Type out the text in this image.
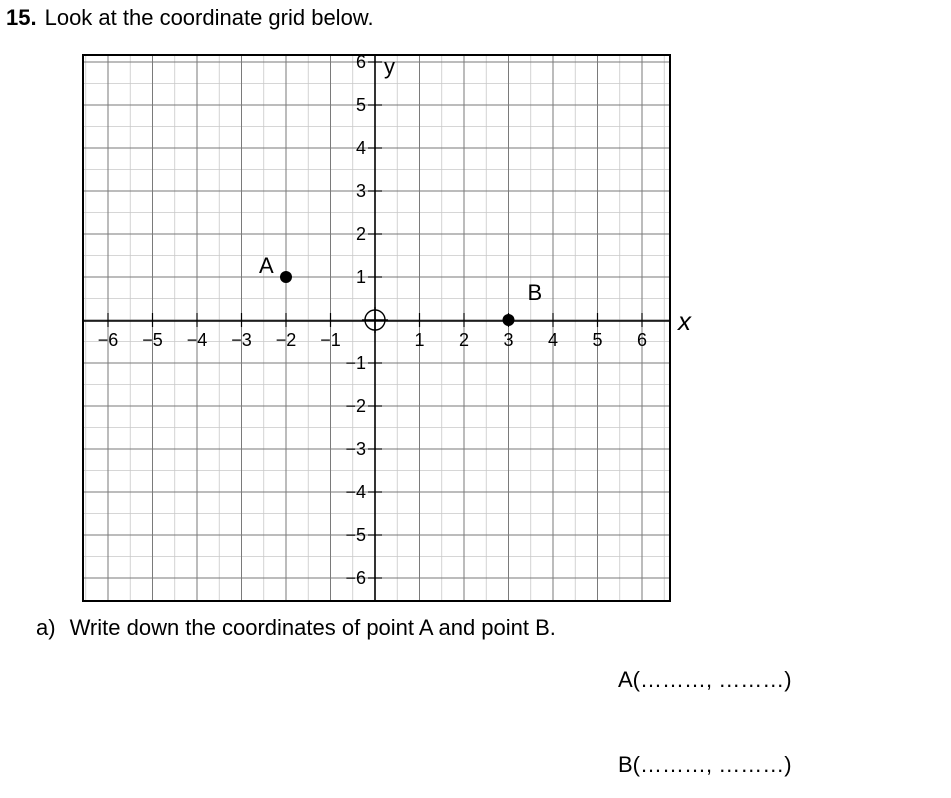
15. Look at the coordinate grid below.
−6 −5 −4 −3 −2 −1	1 2 3 4 5 6
6
5
4
3
2
1
−1
−2
−3
−4
−5
−6
x
y
A
B
a) Write down the coordinates of point A and point B.
A(………, ………)
B(………, ………)
